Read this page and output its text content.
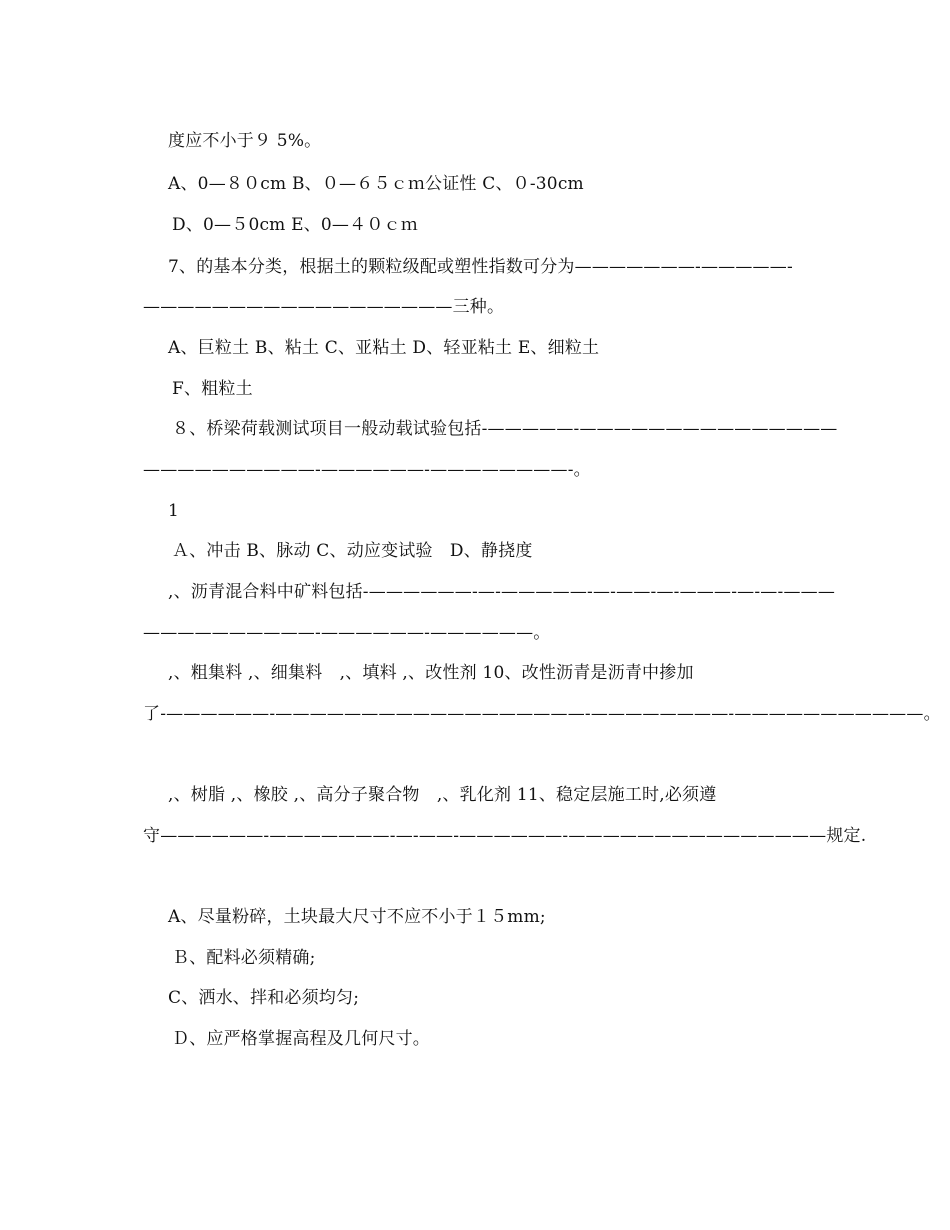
度应不小于９ 5%。
A、0—８０cm B、０—６５ｃｍ公证性 C、０-30cm
D、0—５0cm E、0—４０ｃｍ
7、的基本分类，根据土的颗粒级配或塑性指数可分为———————-—————-
——————————————————三种。
A、巨粒土 B、粘土 C、亚粘土 D、轻亚粘土 E、细粒土
F、粗粒土
８、桥梁荷载测试项目一般动载试验包括-—————-———————————————
——————————-——————-————————-。
1
Ａ、冲击 B、脉动 C、动应变试验　D、静挠度
,、沥青混合料中矿料包括-——————-—-—————-—-——-—-———-—-—-———
——————————-——————-——————。
,、粗集料 ,、细集料　,、填料 ,、改性剂 10、改性沥青是沥青中掺加
了-——————-——————————————————-————————-———————————。
,、树脂 ,、橡胶 ,、高分子聚合物　,、乳化剂 11、稳定层施工时,必须遵
守——————-———————-—-——-——————-———————————————规定.
A、尽量粉碎，土块最大尺寸不应不小于１５mm;
Ｂ、配料必须精确;
C、洒水、拌和必须均匀;
Ｄ、应严格掌握高程及几何尺寸。
